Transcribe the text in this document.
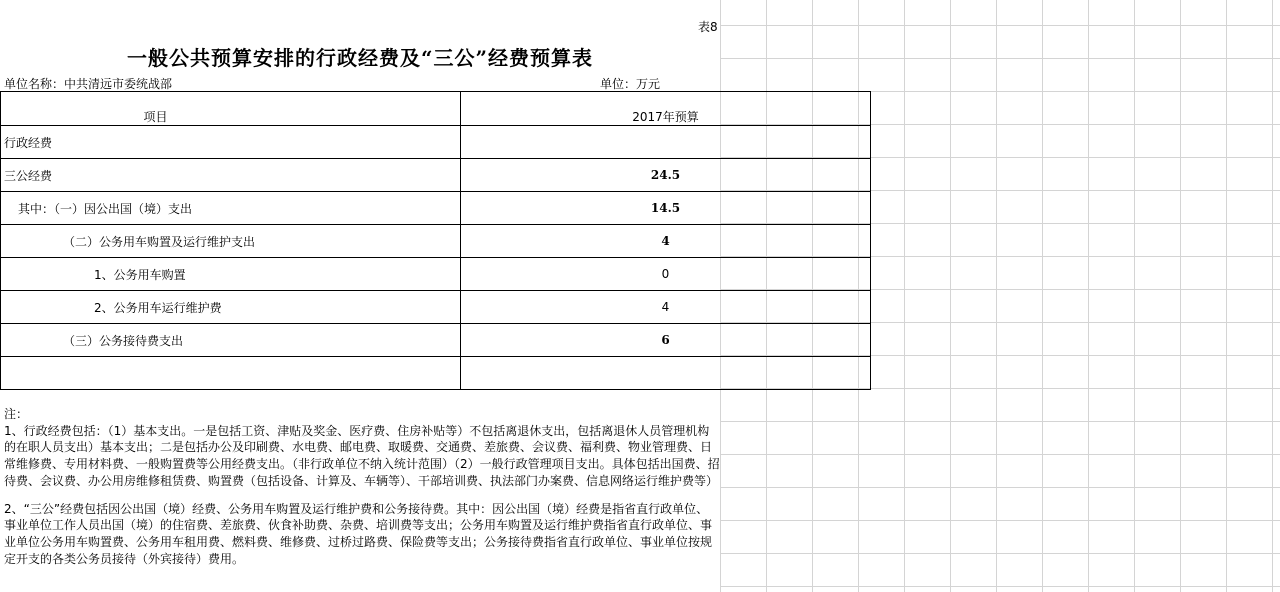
表8
一般公共预算安排的行政经费及“三公”经费预算表
单位名称：中共清远市委统战部	单位：万元
项目	2017年预算
行政经费	
三公经费	24.5
其中：（一）因公出国（境）支出	14.5
（二）公务用车购置及运行维护支出	4
1、公务用车购置	0
2、公务用车运行维护费	4
（三）公务接待费支出	6

注：

1、行政经费包括：（1）基本支出。一是包括工资、津贴及奖金、医疗费、住房补贴等）不包括离退休支出，包括离退休人员管理机构的在职人员支出）基本支出；二是包括办公及印刷费、水电费、邮电费、取暖费、交通费、差旅费、会议费、福利费、物业管理费、日常维修费、专用材料费、一般购置费等公用经费支出。（非行政单位不纳入统计范围）（2）一般行政管理项目支出。具体包括出国费、招待费、会议费、办公用房维修租赁费、购置费（包括设备、计算及、车辆等）、干部培训费、执法部门办案费、信息网络运行维护费等）

2、“三公”经费包括因公出国（境）经费、公务用车购置及运行维护费和公务接待费。其中：因公出国（境）经费是指省直行政单位、事业单位工作人员出国（境）的住宿费、差旅费、伙食补助费、杂费、培训费等支出；公务用车购置及运行维护费指省直行政单位、事业单位公务用车购置费、公务用车租用费、燃料费、维修费、过桥过路费、保险费等支出；公务接待费指省直行政单位、事业单位按规定开支的各类公务员接待（外宾接待）费用。
